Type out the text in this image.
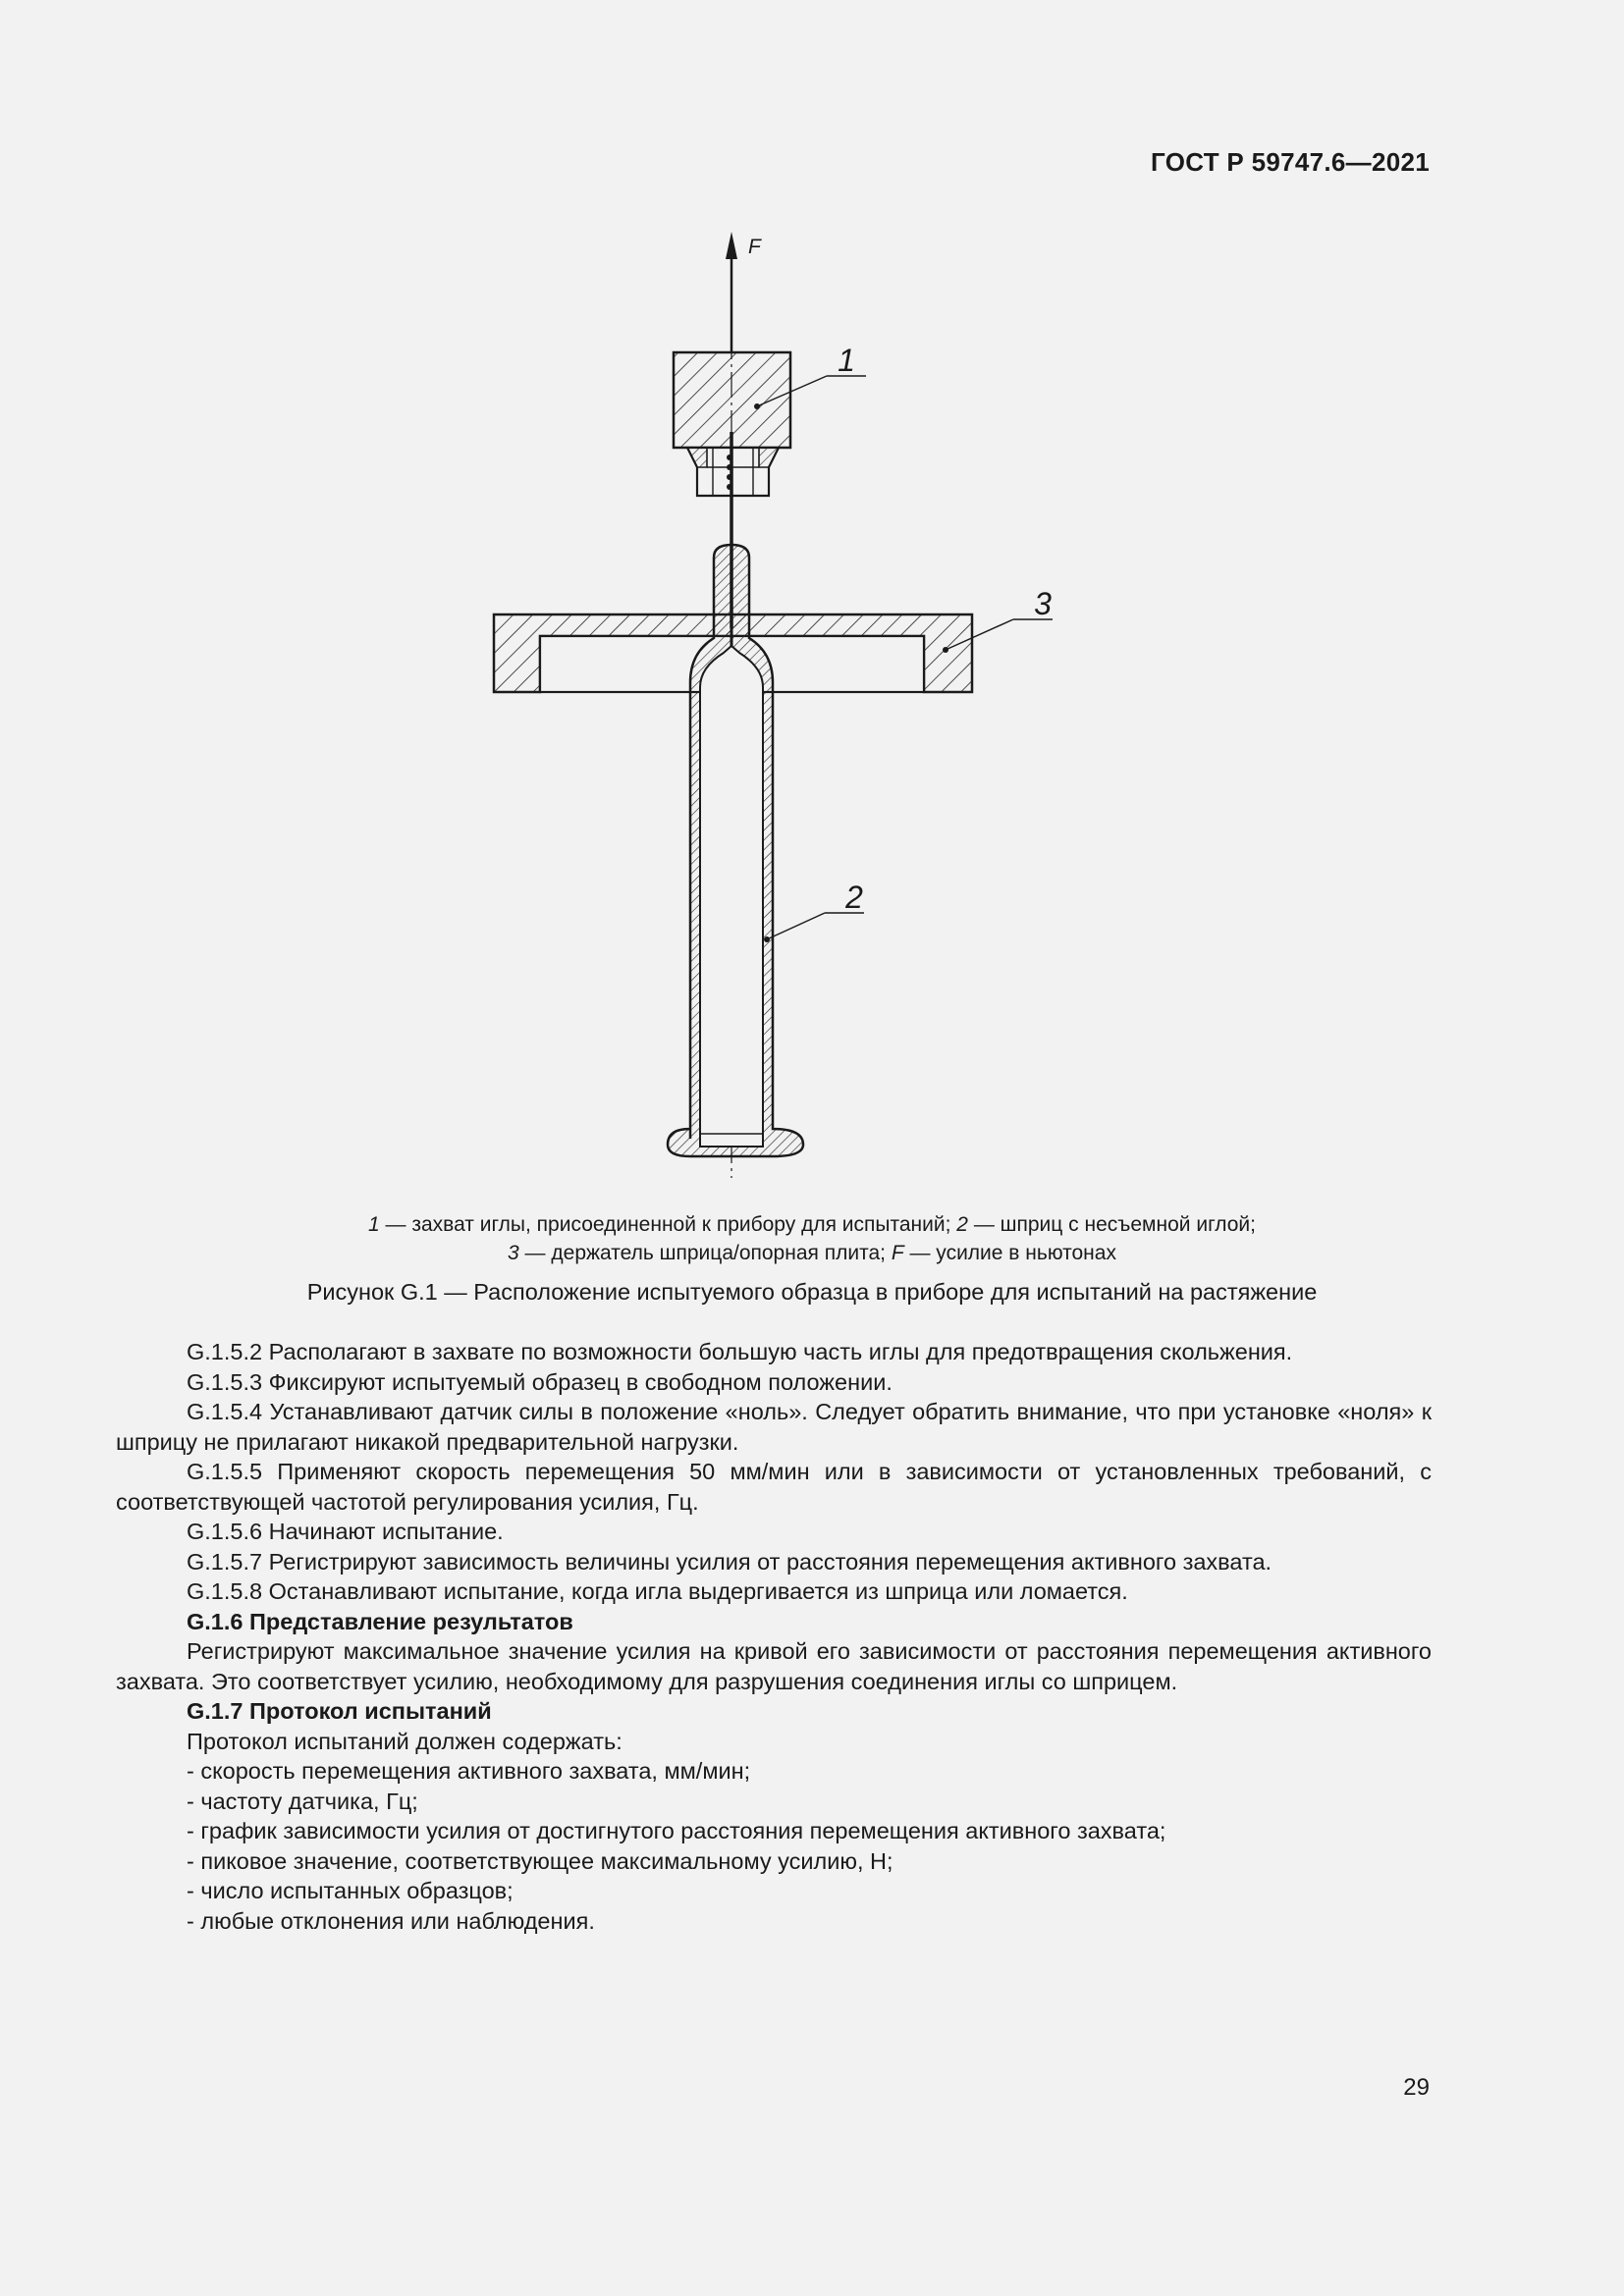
ГОСТ Р 59747.6—2021
F
1
3
2
1 — захват иглы, присоединенной к прибору для испытаний; 2 — шприц с несъемной иглой;
3 — держатель шприца/опорная плита; F — усилие в ньютонах
Рисунок G.1 — Расположение испытуемого образца в приборе для испытаний на растяжение

G.1.5.2 Располагают в захвате по возможности большую часть иглы для предотвращения скольжения.

G.1.5.3 Фиксируют испытуемый образец в свободном положении.

G.1.5.4 Устанавливают датчик силы в положение «ноль». Следует обратить внимание, что при установке «ноля» к шприцу не прилагают никакой предварительной нагрузки.

G.1.5.5 Применяют скорость перемещения 50 мм/мин или в зависимости от установленных требований, с соответствующей частотой регулирования усилия, Гц.

G.1.5.6 Начинают испытание.

G.1.5.7 Регистрируют зависимость величины усилия от расстояния перемещения активного захвата.

G.1.5.8 Останавливают испытание, когда игла выдергивается из шприца или ломается.

G.1.6 Представление результатов

Регистрируют максимальное значение усилия на кривой его зависимости от расстояния перемещения активного захвата. Это соответствует усилию, необходимому для разрушения соединения иглы со шприцем.

G.1.7 Протокол испытаний

Протокол испытаний должен содержать:

- скорость перемещения активного захвата, мм/мин;
- частоту датчика, Гц;
- график зависимости усилия от достигнутого расстояния перемещения активного захвата;
- пиковое значение, соответствующее максимальному усилию, Н;
- число испытанных образцов;
- любые отклонения или наблюдения.
29
